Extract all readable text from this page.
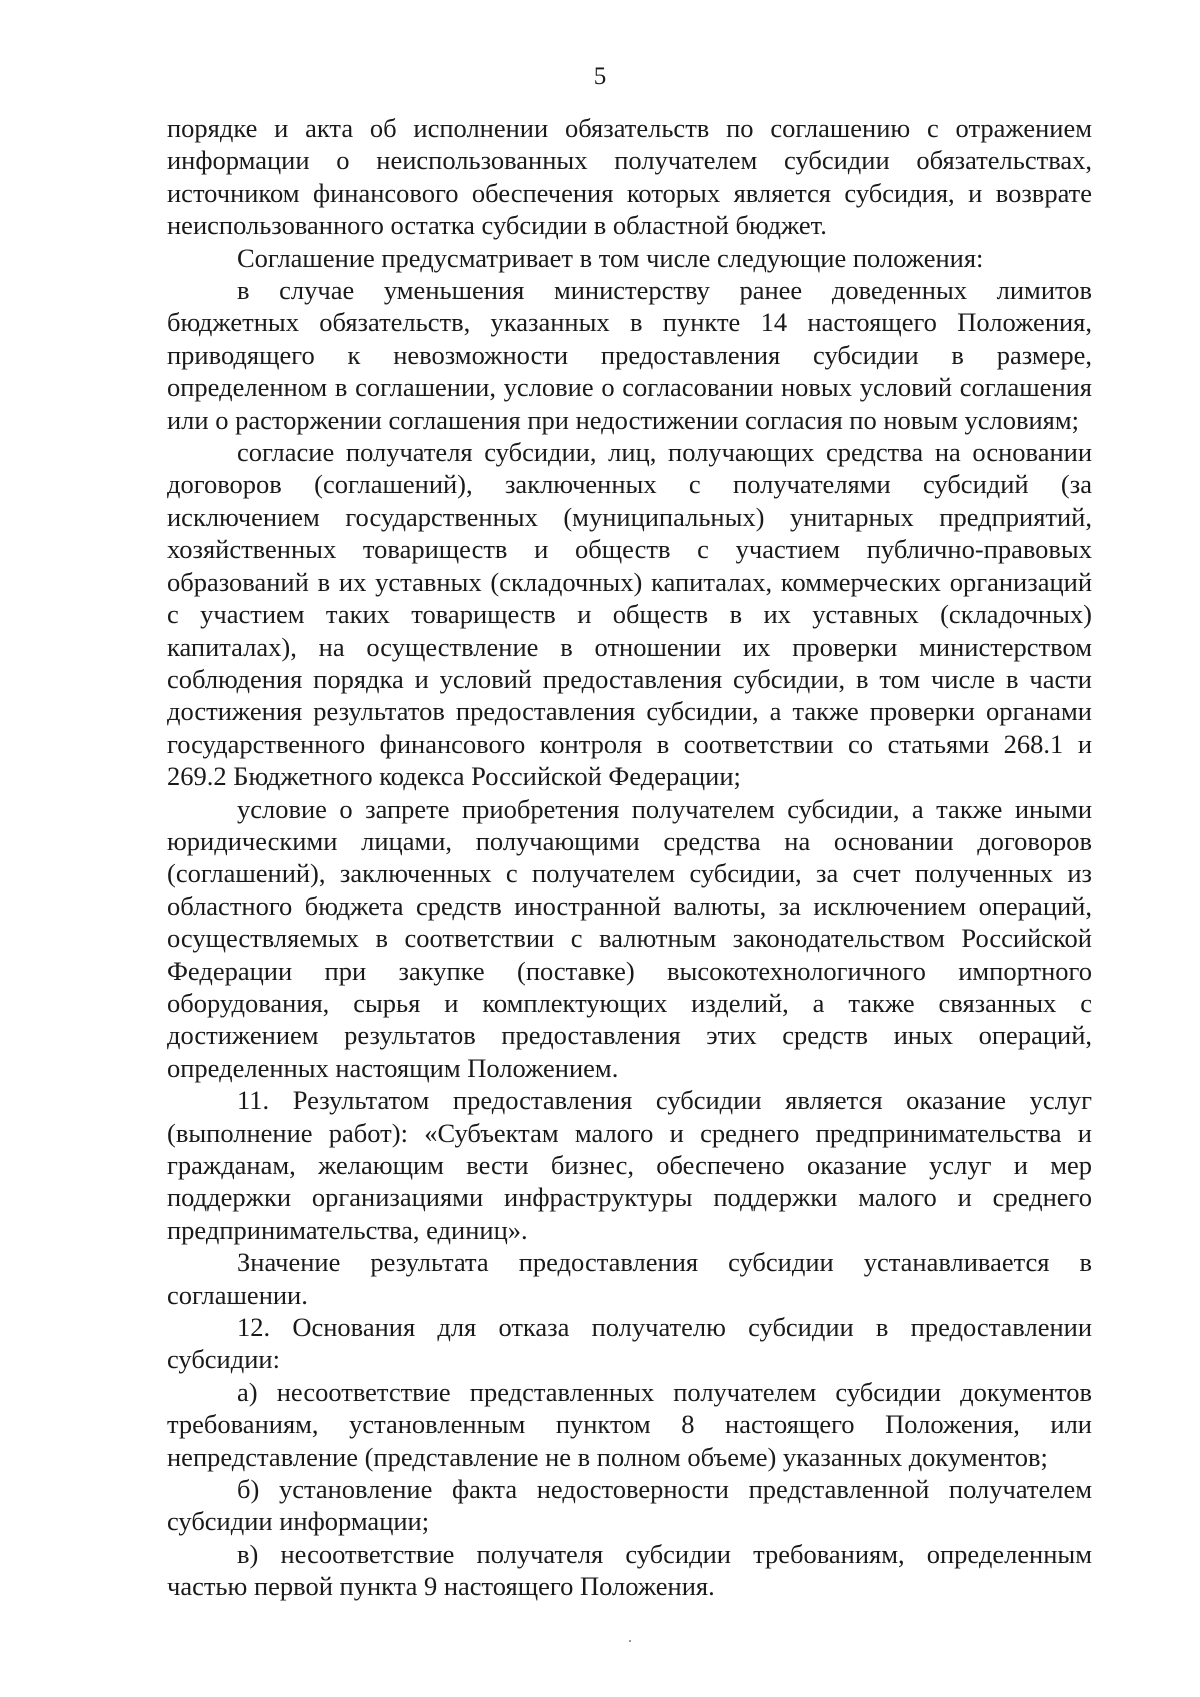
5

порядке и акта об исполнении обязательств по соглашению с отражением информации о неиспользованных получателем субсидии обязательствах, источником финансового обеспечения которых является субсидия, и возврате неиспользованного остатка субсидии в областной бюджет.

Соглашение предусматривает в том числе следующие положения:

в случае уменьшения министерству ранее доведенных лимитов бюджетных обязательств, указанных в пункте 14 настоящего Положения, приводящего к невозможности предоставления субсидии в размере, определенном в соглашении, условие о согласовании новых условий соглашения или о расторжении соглашения при недостижении согласия по новым условиям;

согласие получателя субсидии, лиц, получающих средства на основании договоров (соглашений), заключенных с получателями субсидий (за исключением государственных (муниципальных) унитарных предприятий, хозяйственных товариществ и обществ с участием публично-правовых образований в их уставных (складочных) капиталах, коммерческих организаций с участием таких товариществ и обществ в их уставных (складочных) капиталах), на осуществление в отношении их проверки министерством соблюдения порядка и условий предоставления субсидии, в том числе в части достижения результатов предоставления субсидии, а также проверки органами государственного финансового контроля в соответствии со статьями 268.1 и 269.2 Бюджетного кодекса Российской Федерации;

условие о запрете приобретения получателем субсидии, а также иными юридическими лицами, получающими средства на основании договоров (соглашений), заключенных с получателем субсидии, за счет полученных из областного бюджета средств иностранной валюты, за исключением операций, осуществляемых в соответствии с валютным законодательством Российской Федерации при закупке (поставке) высокотехнологичного импортного оборудования, сырья и комплектующих изделий, а также связанных с достижением результатов предоставления этих средств иных операций, определенных настоящим Положением.

11. Результатом предоставления субсидии является оказание услуг (выполнение работ): «Субъектам малого и среднего предпринимательства и гражданам, желающим вести бизнес, обеспечено оказание услуг и мер поддержки организациями инфраструктуры поддержки малого и среднего предпринимательства, единиц».

Значение результата предоставления субсидии устанавливается в соглашении.

12. Основания для отказа получателю субсидии в предоставлении субсидии:

а) несоответствие представленных получателем субсидии документов требованиям, установленным пунктом 8 настоящего Положения, или непредставление (представление не в полном объеме) указанных документов;

б) установление факта недостоверности представленной получателем субсидии информации;

в) несоответствие получателя субсидии требованиям, определенным частью первой пункта 9 настоящего Положения.
